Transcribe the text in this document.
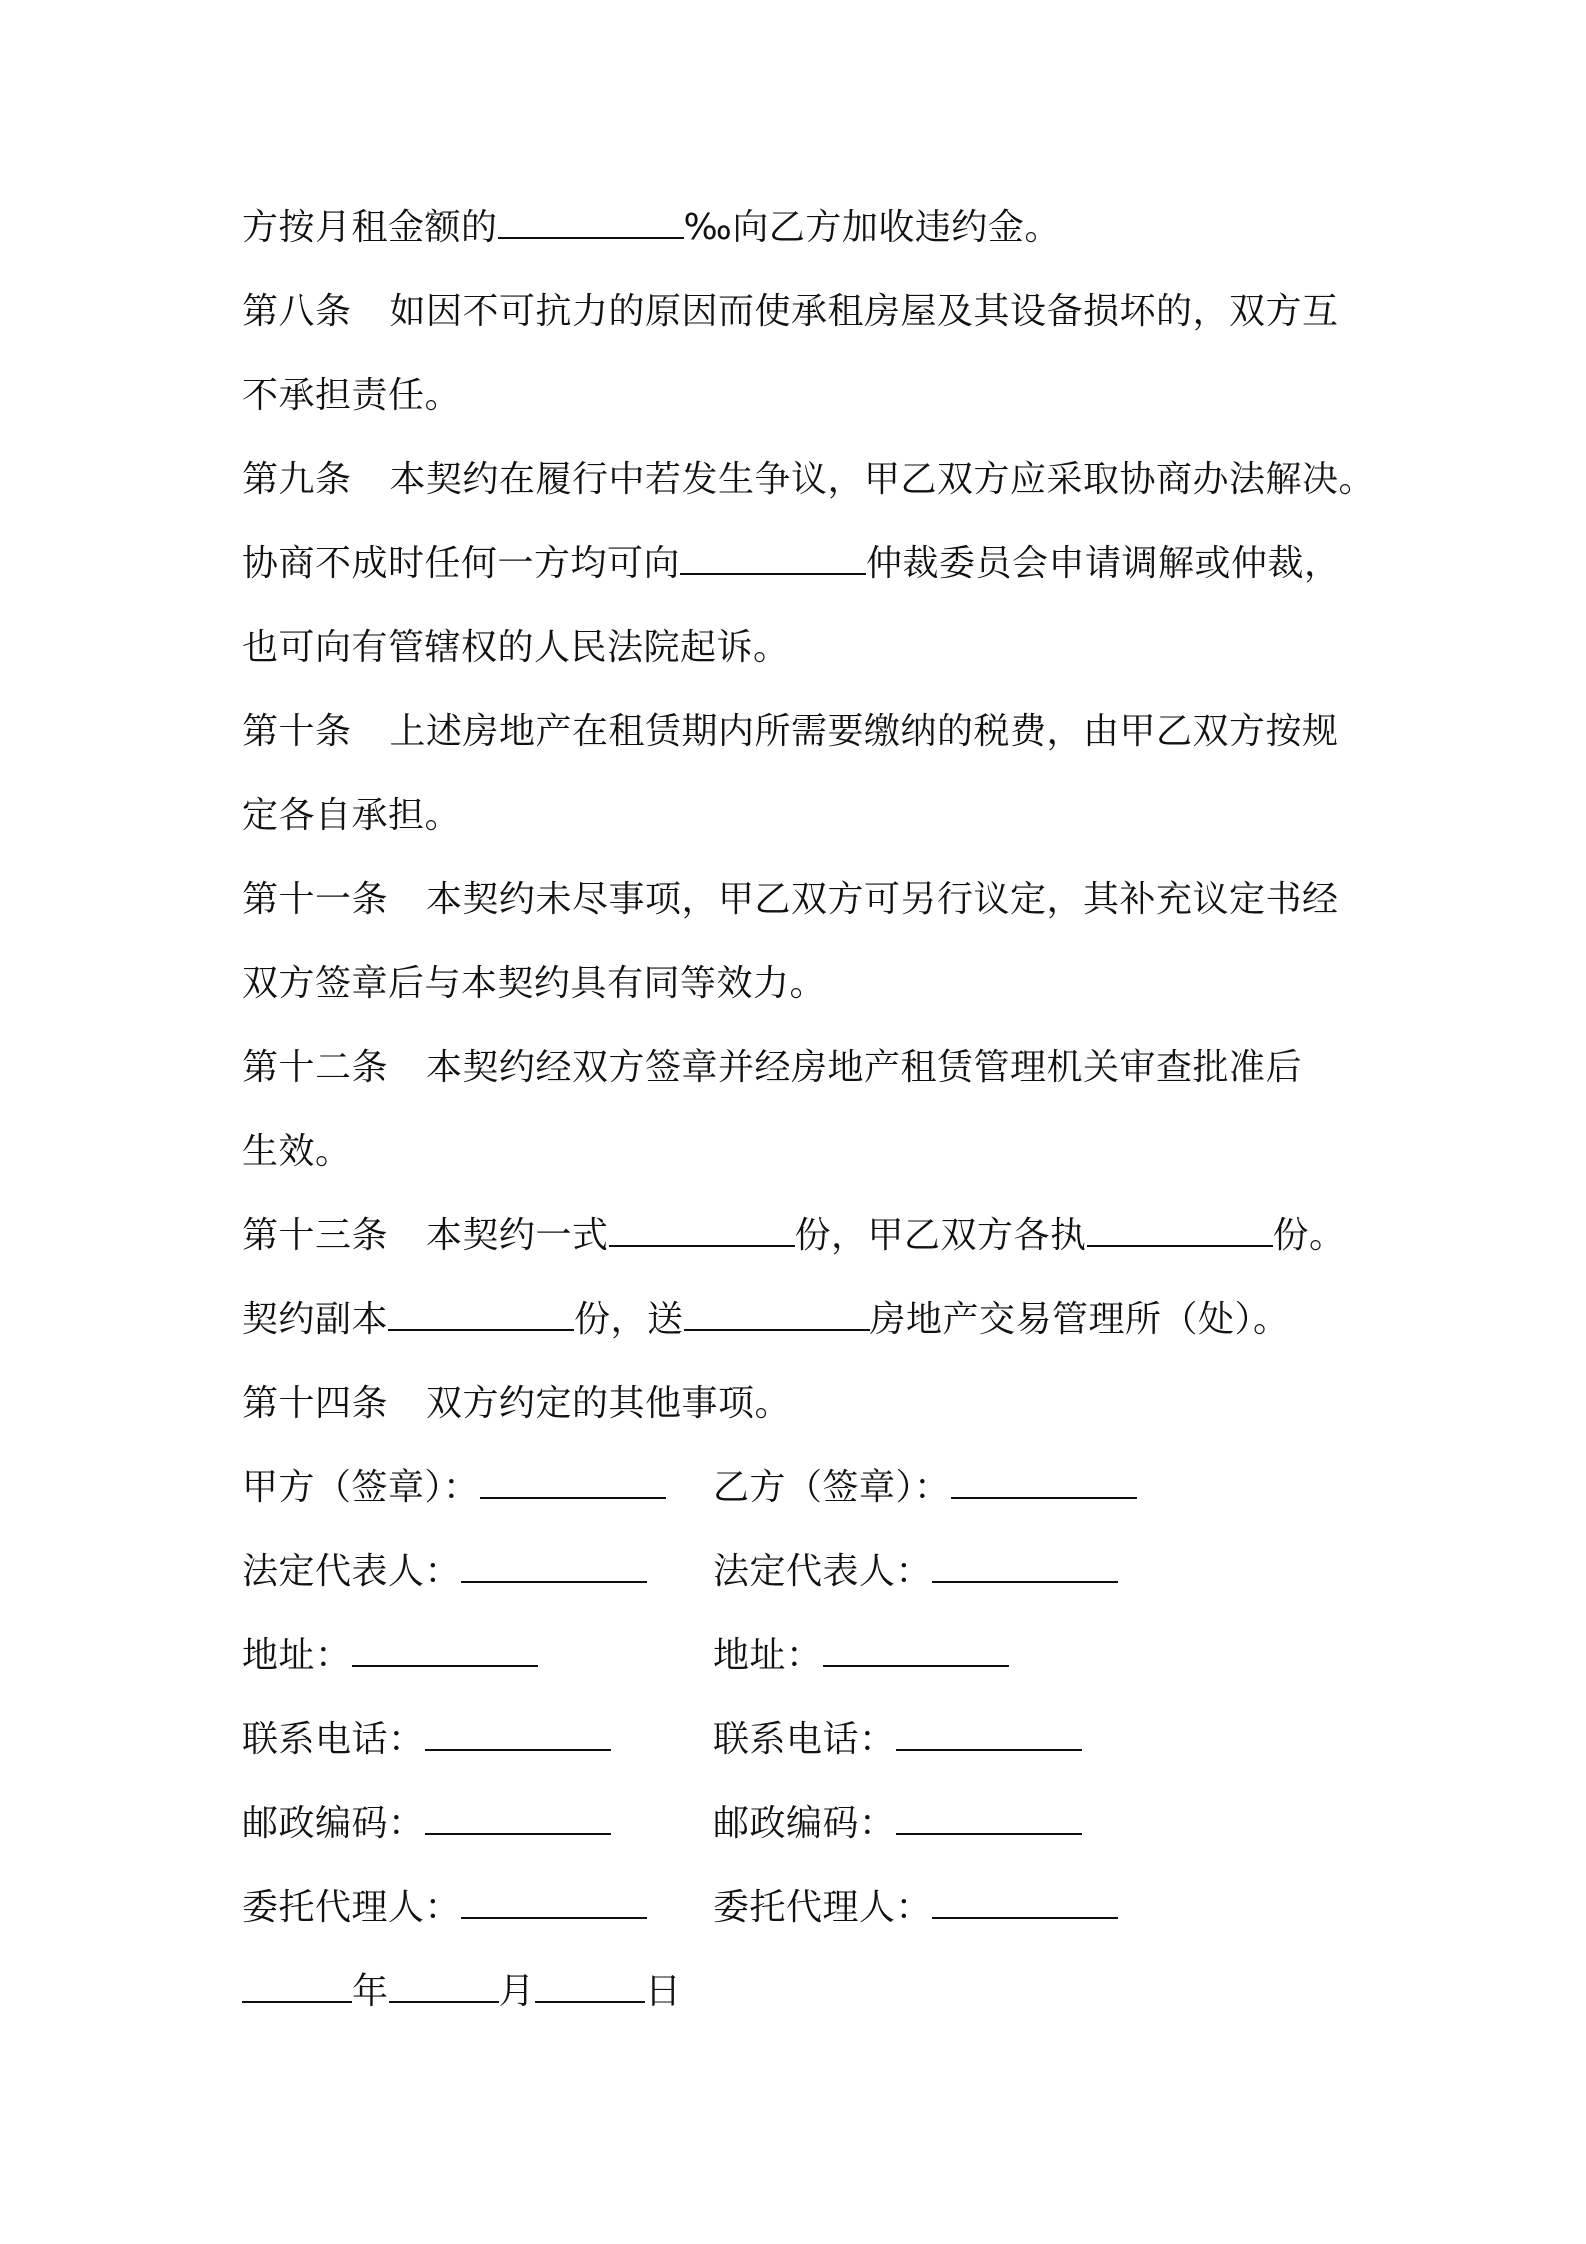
方按月租金额的	‰向乙方加收违约金。
第八条 如因不可抗力的原因而使承租房屋及其设备损坏的，双方互
不承担责任。
第九条 本契约在履行中若发生争议，甲乙双方应采取协商办法解决。
协商不成时任何一方均可向	仲裁委员会申请调解或仲裁，
也可向有管辖权的人民法院起诉。
第十条 上述房地产在租赁期内所需要缴纳的税费，由甲乙双方按规
定各自承担。
第十一条 本契约未尽事项，甲乙双方可另行议定，其补充议定书经
双方签章后与本契约具有同等效力。
第十二条 本契约经双方签章并经房地产租赁管理机关审查批准后
生效。
第十三条 本契约一式	份，甲乙双方各执	份。
契约副本	份，送	房地产交易管理所（处）。
第十四条 双方约定的其他事项。
甲方（签章）：	乙方（签章）：
法定代表人：	法定代表人：
地址：	地址：
联系电话：	联系电话：
邮政编码：	邮政编码：
委托代理人：	委托代理人：
年	月	日
